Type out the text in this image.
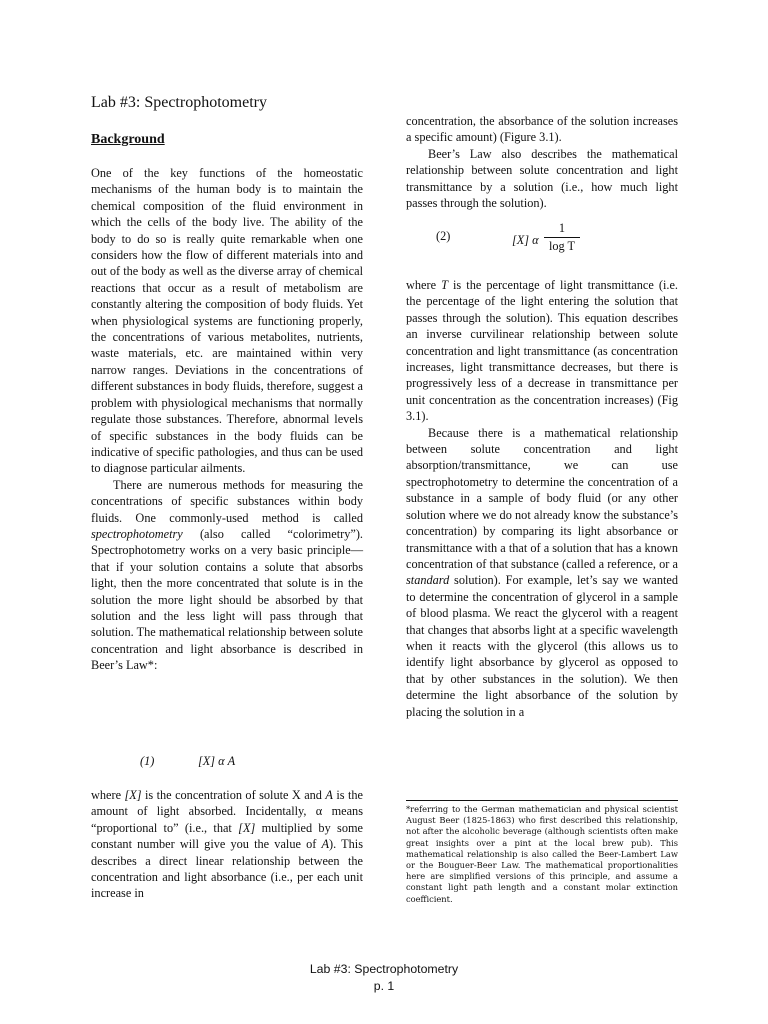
Lab #3: Spectrophotometry
Background

One of the key functions of the homeostatic mechanisms of the human body is to maintain the chemical composition of the fluid environment in which the cells of the body live. The ability of the body to do so is really quite remarkable when one considers how the flow of different materials into and out of the body as well as the diverse array of chemical reactions that occur as a result of metabolism are constantly altering the composition of body fluids. Yet when physiological systems are functioning properly, the concentrations of various metabolites, nutrients, waste materials, etc. are maintained within very narrow ranges. Deviations in the concentrations of different substances in body fluids, therefore, suggest a problem with physiological mechanisms that normally regulate those substances. Therefore, abnormal levels of specific substances in the body fluids can be indicative of specific pathologies, and thus can be used to diagnose particular ailments.

There are numerous methods for measuring the concentrations of specific substances within body fluids. One commonly-used method is called spectrophotometry (also called “colorimetry”). Spectrophotometry works on a very basic principle—that if your solution contains a solute that absorbs light, then the more concentrated that solute is in the solution the more light should be absorbed by that solution and the less light will pass through that solution. The mathematical relationship between solute concentration and light absorbance is described in Beer’s Law*:

(1)	[X] α A

where [X] is the concentration of solute X and A is the amount of light absorbed. Incidentally, α means “proportional to” (i.e., that [X] multiplied by some constant number will give you the value of A). This describes a direct linear relationship between the concentration and light absorbance (i.e., per each unit increase in

concentration, the absorbance of the solution increases a specific amount) (Figure 3.1).

Beer’s Law also describes the mathematical relationship between solute concentration and light transmittance by a solution (i.e., how much light passes through the solution).

(2)	[X] α
1
log T

where T is the percentage of light transmittance (i.e. the percentage of the light entering the solution that passes through the solution). This equation describes an inverse curvilinear relationship between solute concentration and light transmittance (as concentration increases, light transmittance decreases, but there is progressively less of a decrease in transmittance per unit concentration as the concentration increases) (Fig 3.1).

Because there is a mathematical relationship between solute concentration and light absorption/transmittance, we can use spectrophotometry to determine the concentration of a substance in a sample of body fluid (or any other solution where we do not already know the substance’s concentration) by comparing its light absorbance or transmittance with a that of a solution that has a known concentration of that substance (called a reference, or a standard solution). For example, let’s say we wanted to determine the concentration of glycerol in a sample of blood plasma. We react the glycerol with a reagent that changes that absorbs light at a specific wavelength when it reacts with the glycerol (this allows us to identify light absorbance by glycerol as opposed to that by other substances in the solution). We then determine the light absorbance of the solution by placing the solution in a

*referring to the German mathematician and physical scientist August Beer (1825-1863) who first described this relationship, not after the alcoholic beverage (although scientists often make great insights over a pint at the local brew pub). This mathematical relationship is also called the Beer-Lambert Law or the Bouguer-Beer Law. The mathematical proportionalities here are simplified versions of this principle, and assume a constant light path length and a constant molar extinction coefficient.

Lab #3: Spectrophotometry
p. 1
